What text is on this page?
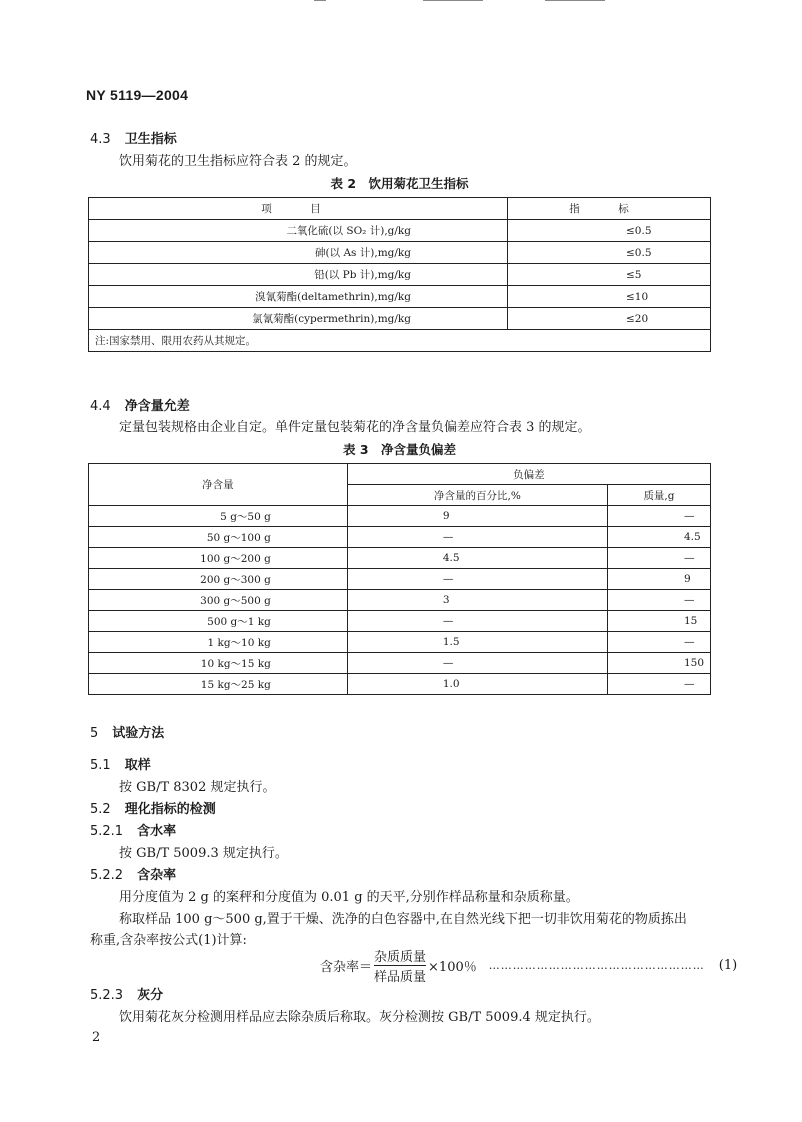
NY 5119—2004
4.3 卫生指标
饮用菊花的卫生指标应符合表 2 的规定。
表 2　饮用菊花卫生指标
项　目	指　标
二氧化硫(以 SO₂ 计),g/kg	≤0.5
砷(以 As 计),mg/kg	≤0.5
铅(以 Pb 计),mg/kg	≤5
溴氰菊酯(deltamethrin),mg/kg	≤10
氯氰菊酯(cypermethrin),mg/kg	≤20
注:国家禁用、限用农药从其规定。	
4.4 净含量允差
定量包装规格由企业自定。单件定量包装菊花的净含量负偏差应符合表 3 的规定。
表 3　净含量负偏差
净含量	负偏差	
	净含量的百分比,%	质量,g
5 g～50 g	9	—
50 g～100 g	—	4.5
100 g～200 g	4.5	—
200 g～300 g	—	9
300 g～500 g	3	—
500 g～1 kg	—	15
1 kg～10 kg	1.5	—
10 kg～15 kg	—	150
15 kg～25 kg	1.0	—
5 试验方法
5.1 取样
按 GB/T 8302 规定执行。
5.2 理化指标的检测
5.2.1 含水率
按 GB/T 5009.3 规定执行。
5.2.2 含杂率
用分度值为 2 g 的案秤和分度值为 0.01 g 的天平,分别作样品称量和杂质称量。
称取样品 100 g～500 g,置于干燥、洗净的白色容器中,在自然光线下把一切非饮用菊花的物质拣出
称重,含杂率按公式(1)计算:
含杂率＝ $\frac{\text{杂质质量}}{\text{样品质量}} \times 100$％ ……………………………………………… (1)
5.2.3 灰分
饮用菊花灰分检测用样品应去除杂质后称取。灰分检测按 GB/T 5009.4 规定执行。
2
